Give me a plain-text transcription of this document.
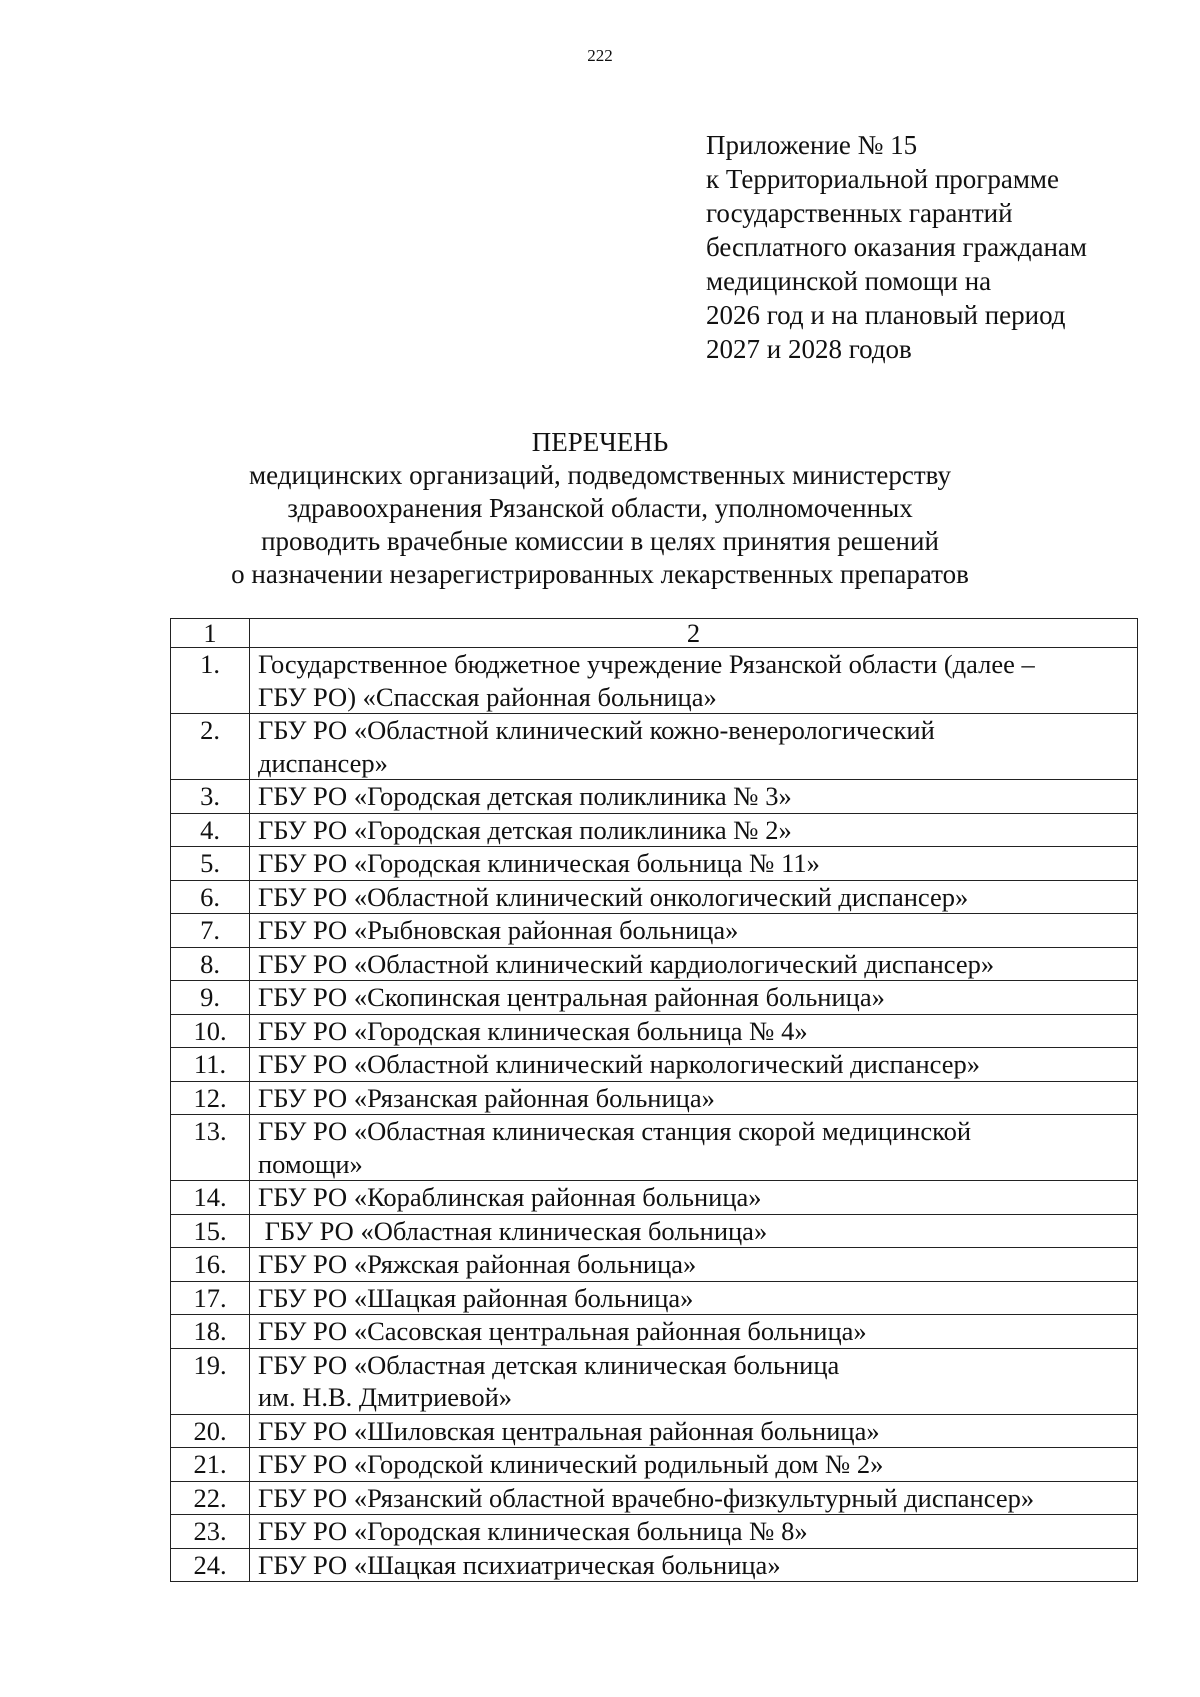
222
Приложение № 15
к Территориальной программе
государственных гарантий
бесплатного оказания гражданам
медицинской помощи на
2026 год и на плановый период
2027 и 2028 годов
ПЕРЕЧЕНЬ
медицинских организаций, подведомственных министерству
здравоохранения Рязанской области, уполномоченных
проводить врачебные комиссии в целях принятия решений
о назначении незарегистрированных лекарственных препаратов
1	2
1.	Государственное бюджетное учреждение Рязанской области (далее –
ГБУ РО) «Спасская районная больница»

2.	ГБУ РО «Областной клинический кожно-венерологический
диспансер»

3.	ГБУ РО «Городская детская поликлиника № 3»

4.	ГБУ РО «Городская детская поликлиника № 2»

5.	ГБУ РО «Городская клиническая больница № 11»

6.	ГБУ РО «Областной клинический онкологический диспансер»

7.	ГБУ РО «Рыбновская районная больница»

8.	ГБУ РО «Областной клинический кардиологический диспансер»

9.	ГБУ РО «Скопинская центральная районная больница»

10.	ГБУ РО «Городская клиническая больница № 4»

11.	ГБУ РО «Областной клинический наркологический диспансер»

12.	ГБУ РО «Рязанская районная больница»

13.	ГБУ РО «Областная клиническая станция скорой медицинской
помощи»

14.	ГБУ РО «Кораблинская районная больница»

15.	ГБУ РО «Областная клиническая больница»

16.	ГБУ РО «Ряжская районная больница»

17.	ГБУ РО «Шацкая районная больница»

18.	ГБУ РО «Сасовская центральная районная больница»

19.	ГБУ РО «Областная детская клиническая больница
им. Н.В. Дмитриевой»

20.	ГБУ РО «Шиловская центральная районная больница»

21.	ГБУ РО «Городской клинический родильный дом № 2»

22.	ГБУ РО «Рязанский областной врачебно-физкультурный диспансер»

23.	ГБУ РО «Городская клиническая больница № 8»

24.	ГБУ РО «Шацкая психиатрическая больница»
